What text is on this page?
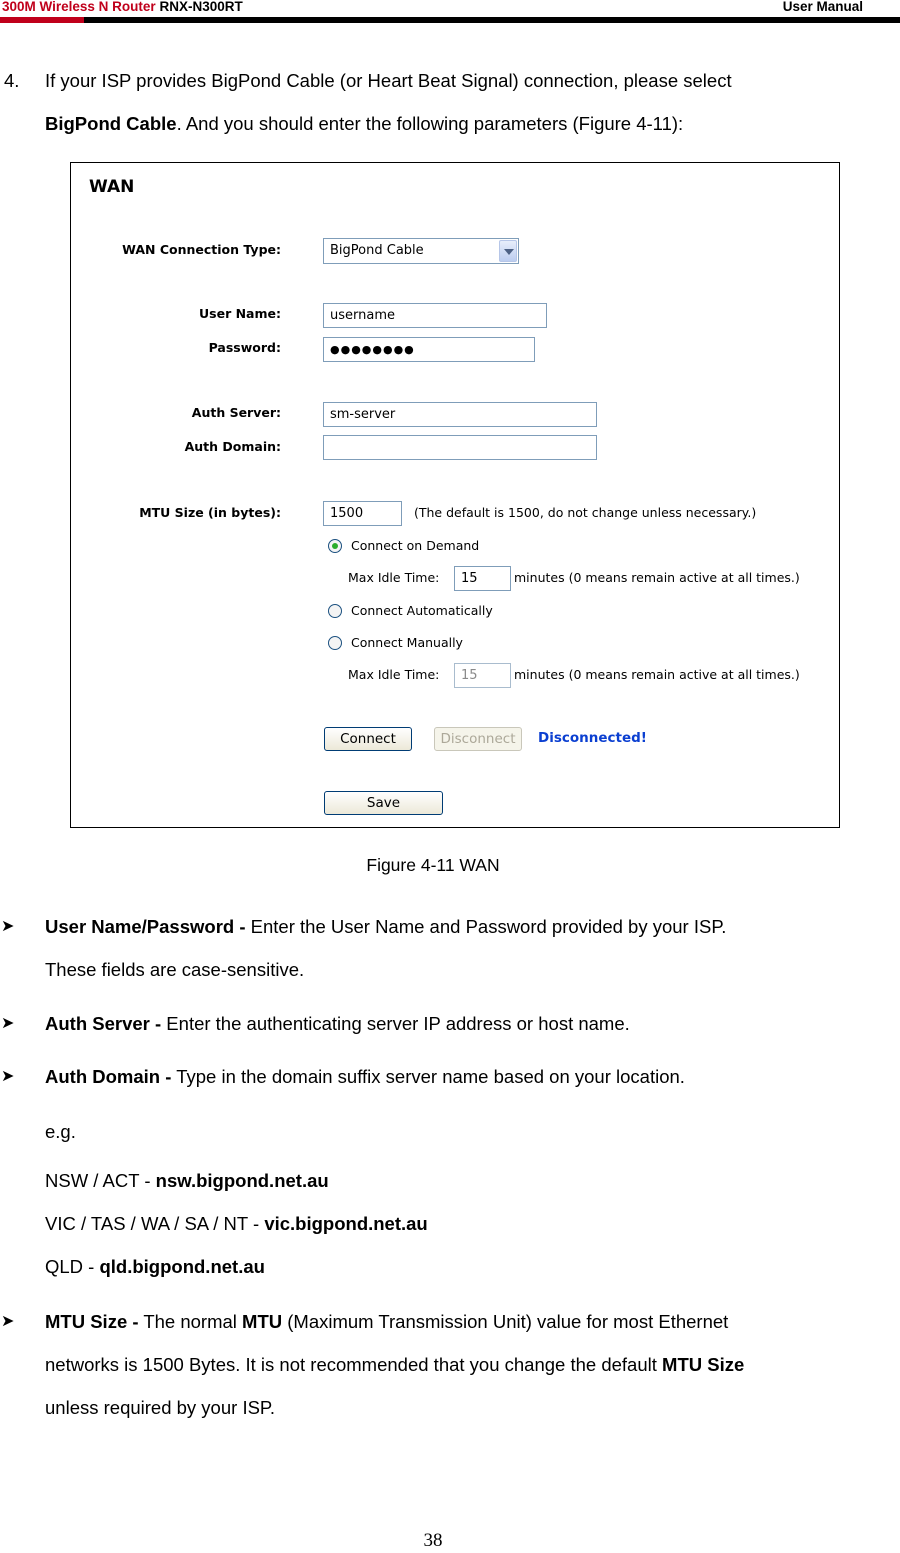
300M Wireless N Router RNX-N300RT	User Manual
4. If your ISP provides BigPond Cable (or Heart Beat Signal) connection, please select
BigPond Cable. And you should enter the following parameters (Figure 4-11):
WAN
WAN Connection Type:	BigPond Cable
User Name:	username
Password:	●●●●●●●●
Auth Server:	sm-server
Auth Domain:
MTU Size (in bytes):	1500	(The default is 1500, do not change unless necessary.)
Connect on Demand
Max Idle Time:	15	minutes (0 means remain active at all times.)
Connect Automatically
Connect Manually
Max Idle Time:	15	minutes (0 means remain active at all times.)
Connect	Disconnect	Disconnected!
Save
Figure 4-11 WAN
➤ User Name/Password - Enter the User Name and Password provided by your ISP.
These fields are case-sensitive.
➤ Auth Server - Enter the authenticating server IP address or host name.
➤ Auth Domain - Type in the domain suffix server name based on your location.
e.g.
NSW / ACT - nsw.bigpond.net.au
VIC / TAS / WA / SA / NT - vic.bigpond.net.au
QLD - qld.bigpond.net.au
➤ MTU Size - The normal MTU (Maximum Transmission Unit) value for most Ethernet
networks is 1500 Bytes. It is not recommended that you change the default MTU Size
unless required by your ISP.
38
